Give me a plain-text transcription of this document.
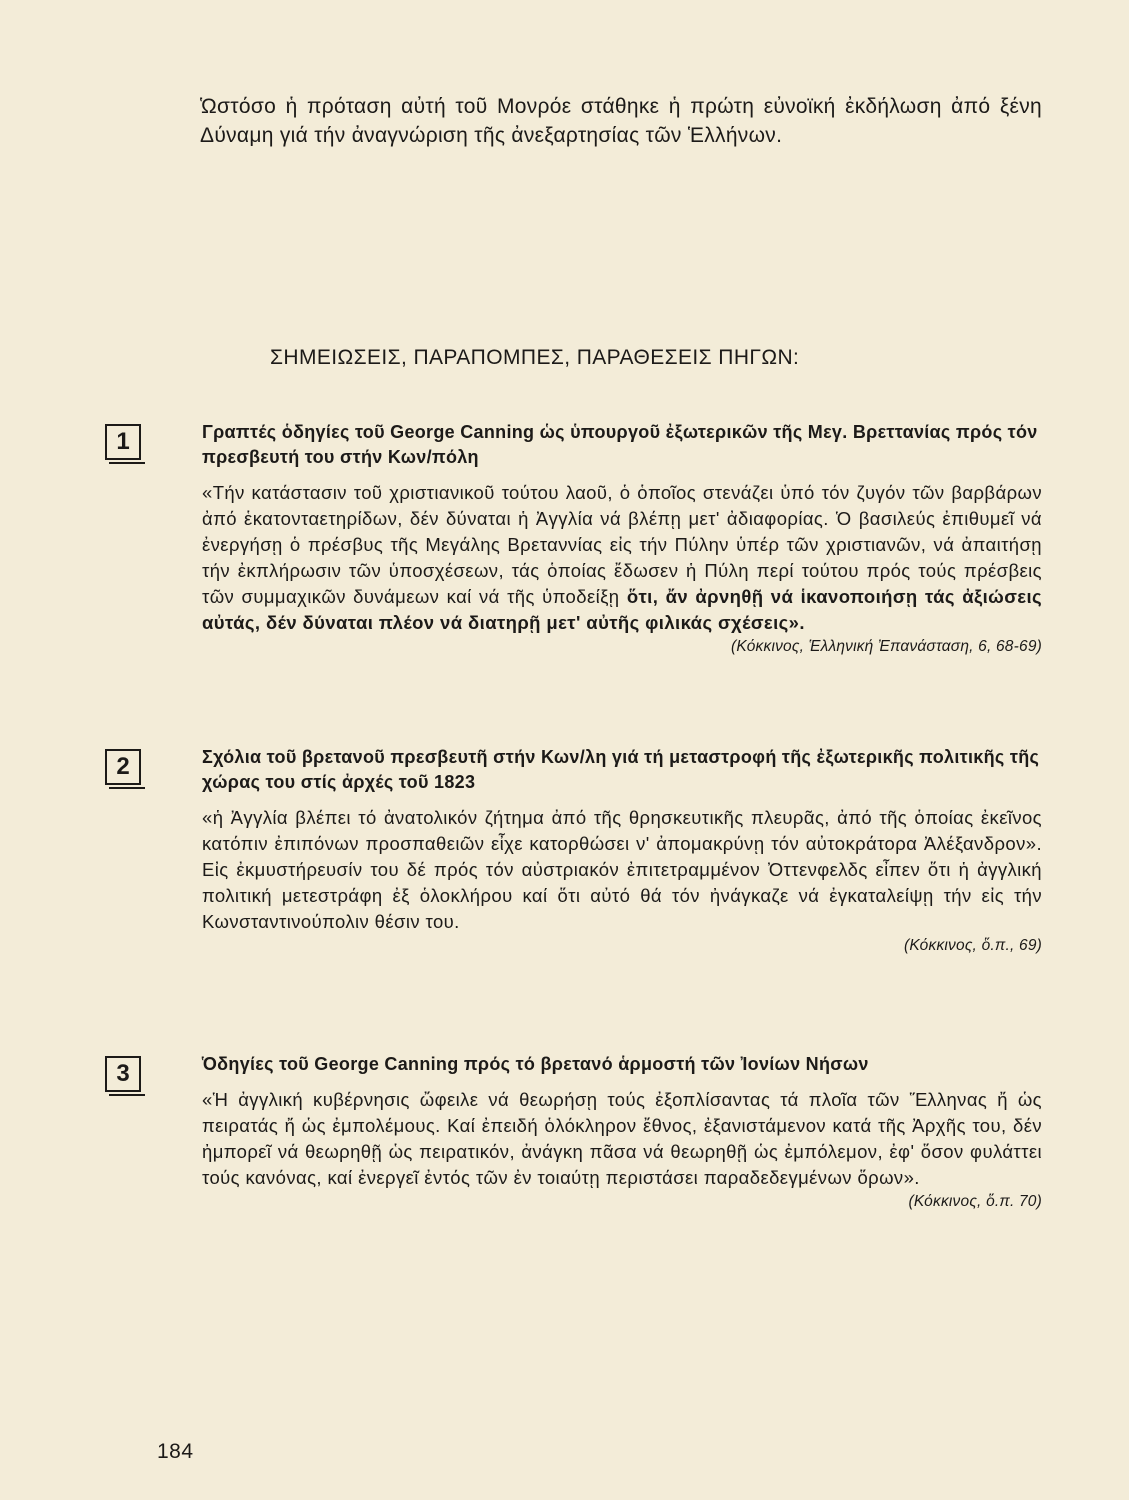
Ὡστόσο ἡ πρόταση αὐτή τοῦ Μονρόε στάθηκε ἡ πρώτη εὐνοϊκή ἐκδήλωση ἀπό ξένη Δύναμη γιά τήν ἀναγνώριση τῆς ἀνεξαρτησίας τῶν Ἑλλήνων.

ΣΗΜΕΙΩΣΕΙΣ, ΠΑΡΑΠΟΜΠΕΣ, ΠΑΡΑΘΕΣΕΙΣ ΠΗΓΩΝ:
1	Γραπτές ὁδηγίες τοῦ George Canning ὡς ὑπουργοῦ ἐξωτερικῶν τῆς Μεγ. Βρεττανίας πρός τόν πρεσβευτή του στήν Κων/πόλη

«Τήν κατάστασιν τοῦ χριστιανικοῦ τούτου λαοῦ, ὁ ὁποῖος στενάζει ὑπό τόν ζυγόν τῶν βαρβάρων ἀπό ἑκατονταετηρίδων, δέν δύναται ἡ Ἀγγλία νά βλέπῃ μετ' ἀδιαφορίας. Ὁ βασιλεύς ἐπιθυμεῖ νά ἐνεργήσῃ ὁ πρέσβυς τῆς Μεγάλης Βρεταννίας εἰς τήν Πύλην ὑπέρ τῶν χριστιανῶν, νά ἀπαιτήσῃ τήν ἐκπλήρωσιν τῶν ὑποσχέσεων, τάς ὁποίας ἔδωσεν ἡ Πύλη περί τούτου πρός τούς πρέσβεις τῶν συμμαχικῶν δυνάμεων καί νά τῆς ὑποδείξῃ ὅτι, ἄν ἀρνηθῇ νά ἱκανοποιήσῃ τάς ἀξιώσεις αὐτάς, δέν δύναται πλέον νά διατηρῇ μετ' αὐτῆς φιλικάς σχέσεις».

(Κόκκινος, Ἑλληνική Ἐπανάσταση, 6, 68-69)
2	Σχόλια τοῦ βρετανοῦ πρεσβευτῆ στήν Κων/λη γιά τή μεταστροφή τῆς ἐξωτερικῆς πολιτικῆς τῆς χώρας του στίς ἀρχές τοῦ 1823

«ἡ Ἀγγλία βλέπει τό ἀνατολικόν ζήτημα ἀπό τῆς θρησκευτικῆς πλευρᾶς, ἀπό τῆς ὁποίας ἐκεῖνος κατόπιν ἐπιπόνων προσπαθειῶν εἶχε κατορθώσει ν' ἀπομακρύνῃ τόν αὐτοκράτορα Ἀλέξανδρον». Εἰς ἐκμυστήρευσίν του δέ πρός τόν αὐστριακόν ἐπιτετραμμένον Ὀττενφελδς εἶπεν ὅτι ἡ ἀγγλική πολιτική μετεστράφη ἐξ ὁλοκλήρου καί ὅτι αὐτό θά τόν ἠνάγκαζε νά ἐγκαταλείψῃ τήν εἰς τήν Κωνσταντινούπολιν θέσιν του.

(Κόκκινος, ὅ.π., 69)
3	Ὁδηγίες τοῦ George Canning πρός τό βρετανό ἁρμοστή τῶν Ἰονίων Νήσων

«Ἡ ἀγγλική κυβέρνησις ὤφειλε νά θεωρήσῃ τούς ἐξοπλίσαντας τά πλοῖα τῶν Ἕλληνας ἤ ὡς πειρατάς ἤ ὡς ἐμπολέμους. Καί ἐπειδή ὁλόκληρον ἔθνος, ἐξανιστάμενον κατά τῆς Ἀρχῆς του, δέν ἠμπορεῖ νά θεωρηθῇ ὡς πειρατικόν, ἀνάγκη πᾶσα νά θεωρηθῇ ὡς ἐμπόλεμον, ἐφ' ὅσον φυλάττει τούς κανόνας, καί ἐνεργεῖ ἐντός τῶν ἐν τοιαύτῃ περιστάσει παραδεδεγμένων ὅρων».

(Κόκκινος, ὅ.π. 70)
184
